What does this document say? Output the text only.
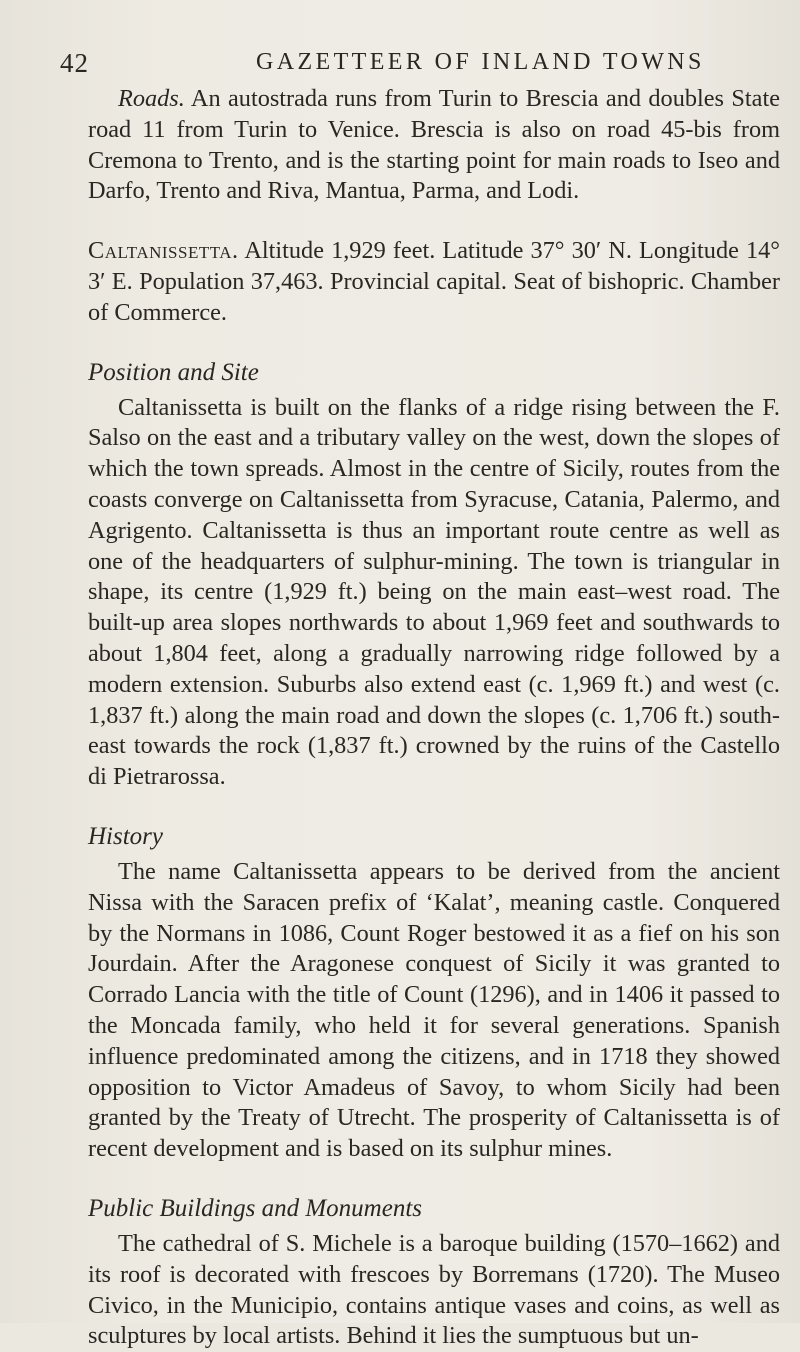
42	GAZETTEER OF INLAND TOWNS

Roads. An autostrada runs from Turin to Brescia and doubles State road 11 from Turin to Venice. Brescia is also on road 45-bis from Cremona to Trento, and is the starting point for main roads to Iseo and Darfo, Trento and Riva, Mantua, Parma, and Lodi.

Caltanissetta. Altitude 1,929 feet. Latitude 37° 30′ N. Longitude 14° 3′ E. Population 37,463. Provincial capital. Seat of bishopric. Chamber of Commerce.

Position and Site

Caltanissetta is built on the flanks of a ridge rising between the F. Salso on the east and a tributary valley on the west, down the slopes of which the town spreads. Almost in the centre of Sicily, routes from the coasts converge on Caltanissetta from Syracuse, Catania, Palermo, and Agrigento. Caltanissetta is thus an important route centre as well as one of the headquarters of sulphur-mining. The town is triangular in shape, its centre (1,929 ft.) being on the main east–west road. The built-up area slopes northwards to about 1,969 feet and southwards to about 1,804 feet, along a gradually narrowing ridge followed by a modern extension. Suburbs also extend east (c. 1,969 ft.) and west (c. 1,837 ft.) along the main road and down the slopes (c. 1,706 ft.) south-east towards the rock (1,837 ft.) crowned by the ruins of the Castello di Pietrarossa.

History

The name Caltanissetta appears to be derived from the ancient Nissa with the Saracen prefix of ‘Kalat’, meaning castle. Conquered by the Normans in 1086, Count Roger bestowed it as a fief on his son Jourdain. After the Aragonese conquest of Sicily it was granted to Corrado Lancia with the title of Count (1296), and in 1406 it passed to the Moncada family, who held it for several generations. Spanish influence predominated among the citizens, and in 1718 they showed opposition to Victor Amadeus of Savoy, to whom Sicily had been granted by the Treaty of Utrecht. The prosperity of Caltanissetta is of recent development and is based on its sulphur mines.

Public Buildings and Monuments

The cathedral of S. Michele is a baroque building (1570–1662) and its roof is decorated with frescoes by Borremans (1720). The Museo Civico, in the Municipio, contains antique vases and coins, as well as sculptures by local artists. Behind it lies the sumptuous but un-
